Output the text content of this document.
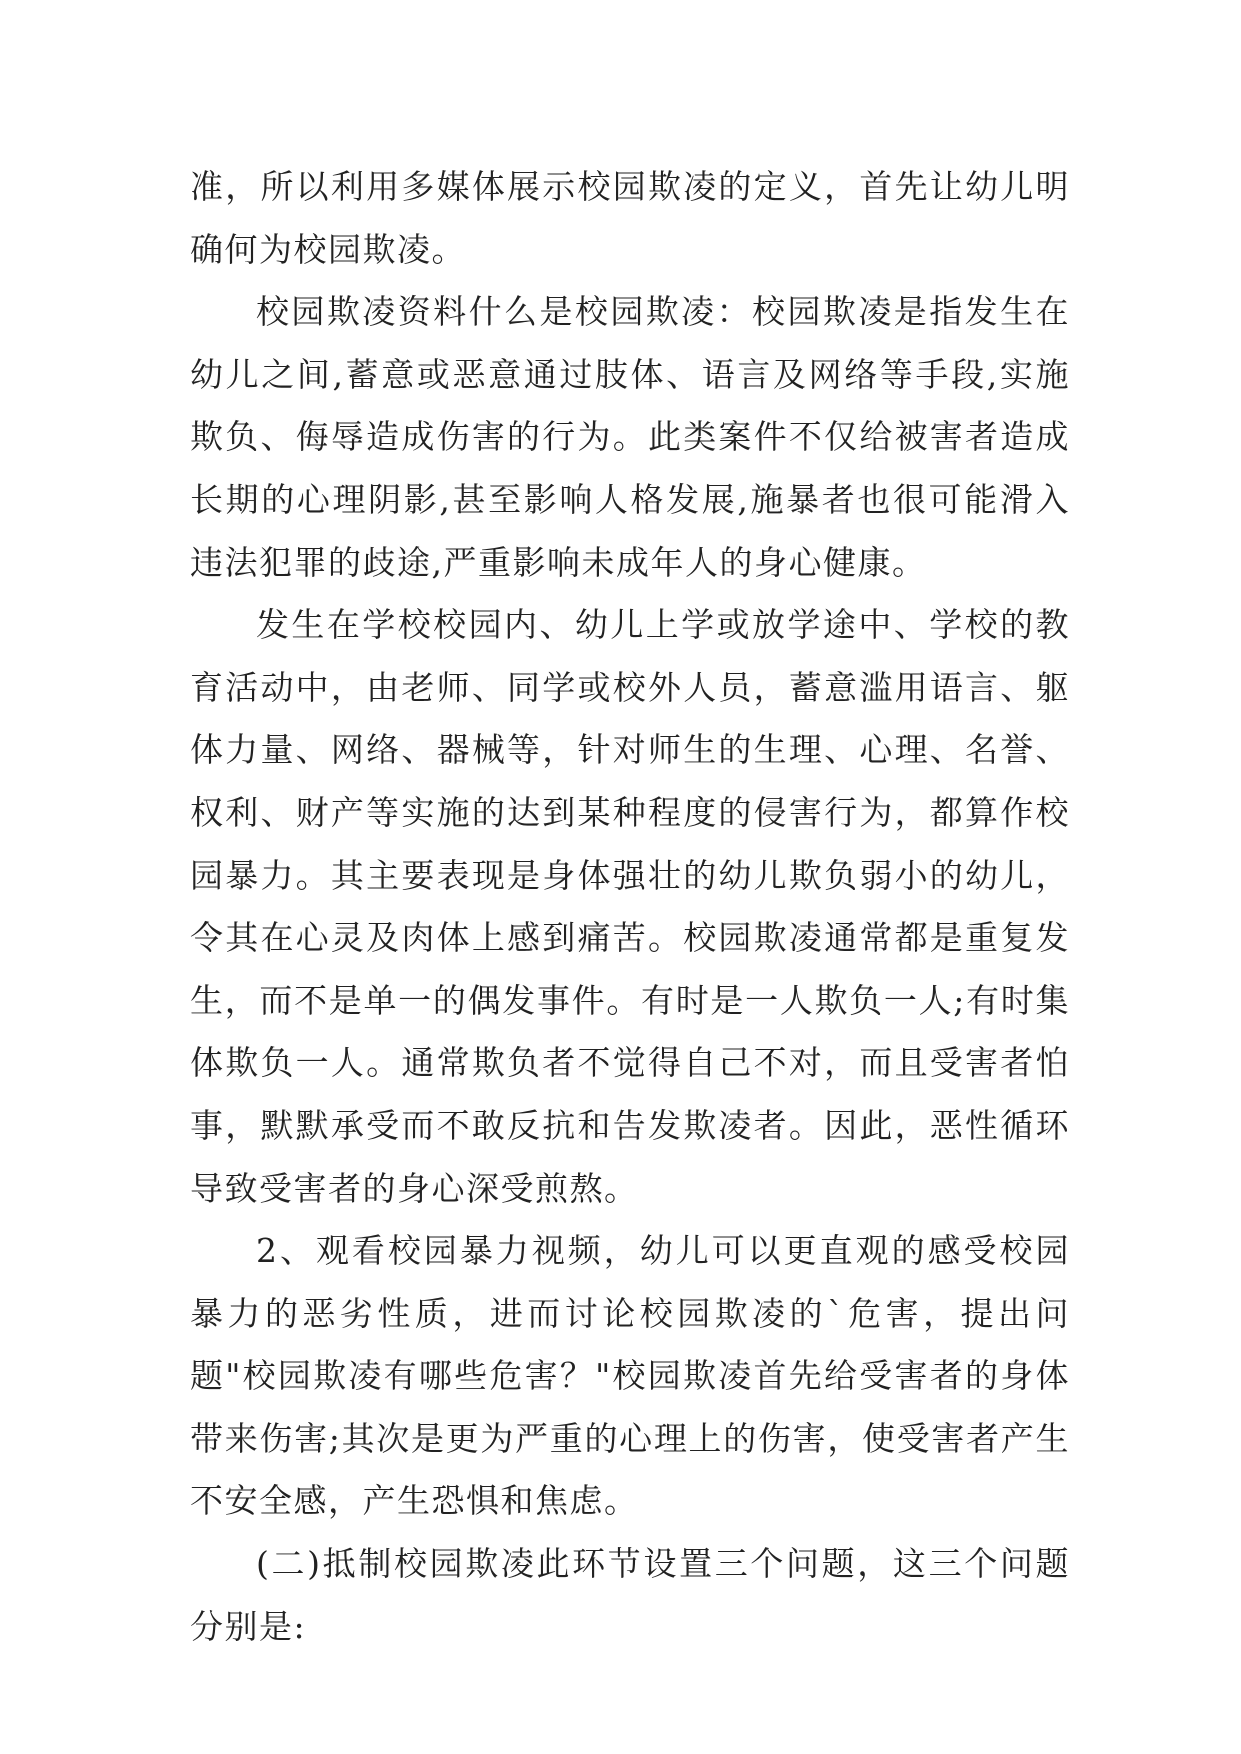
准，所以利用多媒体展示校园欺凌的定义，首先让幼儿明确何为校园欺凌。

校园欺凌资料什么是校园欺凌：校园欺凌是指发生在幼儿之间,蓄意或恶意通过肢体、语言及网络等手段,实施欺负、侮辱造成伤害的行为。此类案件不仅给被害者造成长期的心理阴影,甚至影响人格发展,施暴者也很可能滑入违法犯罪的歧途,严重影响未成年人的身心健康。

发生在学校校园内、幼儿上学或放学途中、学校的教育活动中，由老师、同学或校外人员，蓄意滥用语言、躯体力量、网络、器械等，针对师生的生理、心理、名誉、权利、财产等实施的达到某种程度的侵害行为，都算作校园暴力。其主要表现是身体强壮的幼儿欺负弱小的幼儿，令其在心灵及肉体上感到痛苦。校园欺凌通常都是重复发生，而不是单一的偶发事件。有时是一人欺负一人;有时集体欺负一人。通常欺负者不觉得自己不对，而且受害者怕事，默默承受而不敢反抗和告发欺凌者。因此，恶性循环导致受害者的身心深受煎熬。

2、观看校园暴力视频，幼儿可以更直观的感受校园暴力的恶劣性质，进而讨论校园欺凌的`危害，提出问题"校园欺凌有哪些危害？"校园欺凌首先给受害者的身体带来伤害;其次是更为严重的心理上的伤害，使受害者产生不安全感，产生恐惧和焦虑。

(二)抵制校园欺凌此环节设置三个问题，这三个问题分别是:
